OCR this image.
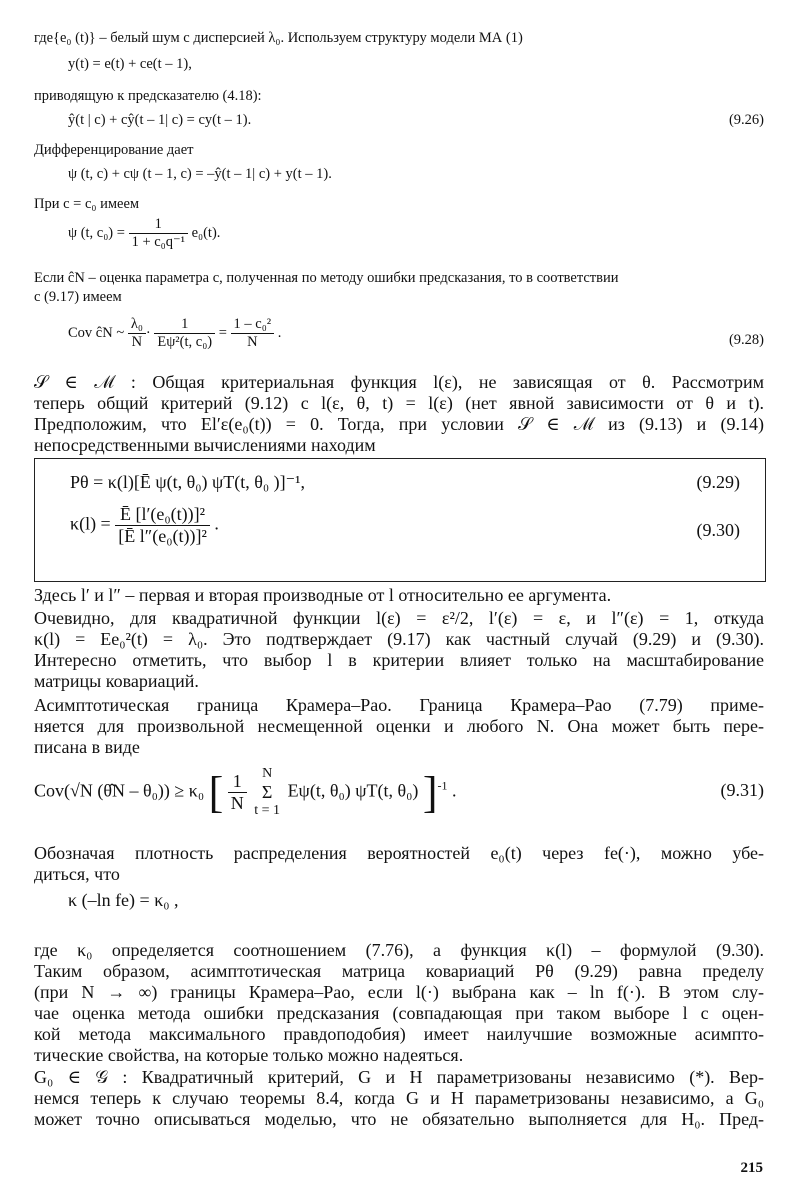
где{e₀ (t)} – белый шум с дисперсией λ₀. Используем структуру модели МА (1)
y(t) = e(t) + ce(t – 1),
приводящую к предсказателю (4.18):
ŷ(t | c) + cŷ(t – 1| c) = cy(t – 1).	(9.26)
Дифференцирование дает
ψ (t, c) + cψ (t – 1, c) = –ŷ(t – 1| c) + y(t – 1).
При c = c₀ имеем
ψ (t, $c_0) = \frac{1}{\text{1 + c₀q⁻¹}} e_0(t)$.
Если ĉN – оценка параметра c, полученная по методу ошибки предсказания, то в соответствии
с (9.17) имеем
Cov ĉN ~ $\frac{\text{λ₀}}{N} \cdot \frac{1}{\text{Eψ²(t, c₀)}} = \frac{\text{1 – c₀²}}{N}$ .	(9.28)
𝒮 ∈ ℳ : Общая критериальная функция l(ε), не зависящая от θ. Рассмотрим
теперь общий критерий (9.12) с l(ε, θ, t) = l(ε) (нет явной зависимости от θ и t).
Предположим, что El′ε(e₀(t)) = 0. Тогда, при условии 𝒮 ∈ ℳ из (9.13) и (9.14)
непосредственными вычислениями находим
Pθ = κ(l)[Ē ψ(t, θ₀) ψT(t, θ₀ )]⁻¹,	(9.29)
$\kappa(l) = \frac{\text{Ē [l′(e₀(t))]²}}{\text{[Ē l″(e₀(t))]²}}$ .	(9.30)
Здесь l′ и l″ – первая и вторая производные от l относительно ее аргумента.
Очевидно, для квадратичной функции l(ε) = ε²/2, l′(ε) = ε, и l″(ε) = 1, откуда
κ(l) = Ee₀²(t) = λ₀. Это подтверждает (9.17) как частный случай (9.29) и (9.30).
Интересно отметить, что выбор l в критерии влияет только на масштабирование
матрицы ковариаций.
Асимптотическая граница Крамера–Рао. Граница Крамера–Рао (7.79) приме-
няется для произвольной несмещенной оценки и любого N. Она может быть пере-
писана в виде
Cov(√N (θ̂N – θ₀)) ≥ κ₀ [ $\frac{1}{N}$
	N
Σ
t = 1
Eψ(t, θ₀) ψT(t, θ₀) ]$^{-1}$ .	(9.31)
Обозначая плотность распределения вероятностей e₀(t) через fe(·), можно убе-
диться, что
κ (–ln fe) = κ₀ ,
где κ₀ определяется соотношением (7.76), а функция κ(l) – формулой (9.30).
Таким образом, асимптотическая матрица ковариаций Pθ (9.29) равна пределу
(при N → ∞) границы Крамера–Рао, если l(·) выбрана как – ln f(·). В этом слу-
чае оценка метода ошибки предсказания (совпадающая при таком выборе l с оцен-
кой метода максимального правдоподобия) имеет наилучшие возможные асимпто-
тические свойства, на которые только можно надеяться.
G₀ ∈ 𝒢 : Квадратичный критерий, G и H параметризованы независимо (*). Вер-
немся теперь к случаю теоремы 8.4, когда G и H параметризованы независимо, а G₀
может точно описываться моделью, что не обязательно выполняется для H₀. Пред-
215
